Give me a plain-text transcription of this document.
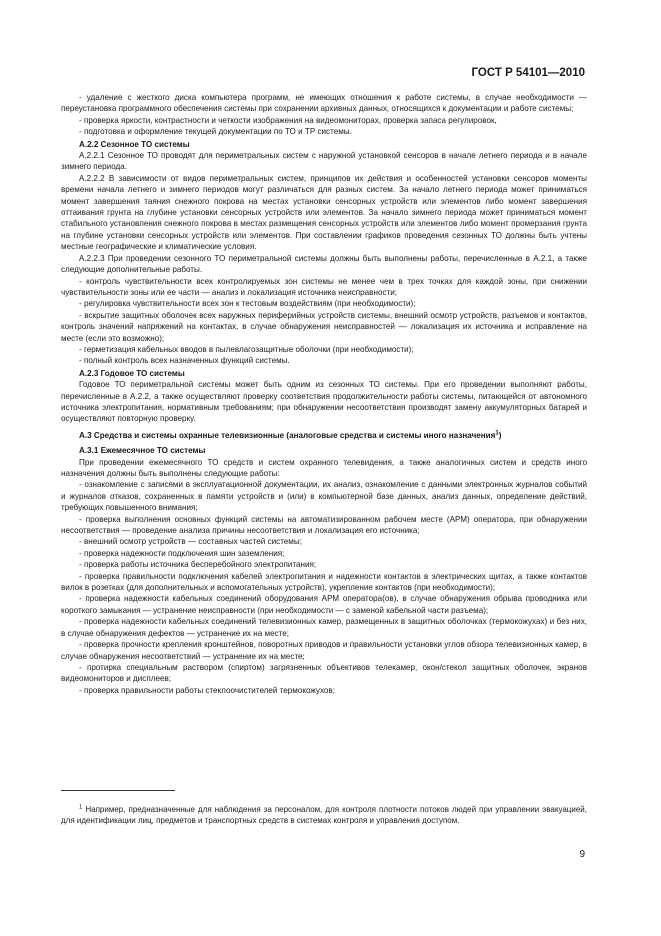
ГОСТ Р 54101—2010

- удаление с жесткого диска компьютера программ, не имеющих отношения к работе системы, в случае необходимости — переустановка программного обеспечения системы при сохранении архивных данных, относящихся к документации и работе системы;

- проверка яркости, контрастности и четкости изображения на видеомониторах, проверка запаса регулировок,

- подготовка и оформление текущей документации по ТО и ТР системы.

А.2.2 Сезонное ТО системы

А.2.2.1 Сезонное ТО проводят для периметральных систем с наружной установкой сенсоров в начале летнего периода и в начале зимнего периода.

А.2.2.2 В зависимости от видов периметральных систем, принципов их действия и особенностей установки сенсоров моменты времени начала летнего и зимнего периодов могут различаться для разных систем. За начало летнего периода может приниматься момент завершения таяния снежного покрова на местах установки сенсорных устройств или элементов либо момент завершения оттаивания грунта на глубине установки сенсорных устройств или элементов. За начало зимнего периода может приниматься момент стабильного установления снежного покрова в местах размещения сенсорных устройств или элементов либо момент промерзания грунта на глубине установки сенсорных устройств или элементов. При составлении графиков проведения сезонных ТО должны быть учтены местные географические и климатические условия.

А.2.2.3 При проведении сезонного ТО периметральной системы должны быть выполнены работы, перечисленные в А.2.1, а также следующие дополнительные работы.

- контроль чувствительности всех контролируемых зон системы не менее чем в трех точках для каждой зоны, при снижении чувствительности зоны или ее части — анализ и локализация источника неисправности;

- регулировка чувствительности всех зон к тестовым воздействиям (при необходимости);

- вскрытие защитных оболочек всех наружных периферийных устройств системы, внешний осмотр устройств, разъемов и контактов, контроль значений напряжений на контактах, в случае обнаружения неисправностей — локализация их источника и исправление на месте (если это возможно);

- герметизация кабельных вводов в пылевлагозащитные оболочки (при необходимости);

- полный контроль всех назначенных функций системы.

А.2.3 Годовое ТО системы

Годовое ТО периметральной системы может быть одним из сезонных ТО системы. При его проведении выполняют работы, перечисленные в А.2.2, а также осуществляют проверку соответствия продолжительности работы системы, питающейся от автономного источника электропитания, нормативным требованиям; при обнаружении несоответствия производят замену аккумуляторных батарей и осуществляют повторную проверку.

А.3 Средства и системы охранные телевизионные (аналоговые средства и системы иного назначения$^1$)

А.3.1 Ежемесячное ТО системы

При проведении ежемесячного ТО средств и систем охранного телевидения, а также аналогичных систем и средств иного назначения должны быть выполнены следующие работы:

- ознакомление с записями в эксплуатационной документации, их анализ, ознакомление с данными электронных журналов событий и журналов отказов, сохраненных в памяти устройств и (или) в компьютерной базе данных, анализ данных, определение действий, требующих повышенного внимания;

- проверка выполнения основных функций системы на автоматизированном рабочем месте (АРМ) оператора, при обнаружении несоответствия — проведение анализа причины несоответствия и локализация его источника;

- внешний осмотр устройств — составных частей системы;

- проверка надежности подключения шин заземления;

- проверка работы источника бесперебойного электропитания;

- проверка правильности подключения кабелей электропитания и надежности контактов в электрических щитах, а также контактов вилок в розетках (для дополнительных и вспомогательных устройств), укрепление контактов (при необходимости);

- проверка надежности кабельных соединений оборудования АРМ оператора(ов), в случае обнаружения обрыва проводника или короткого замыкания — устранение неисправности (при необходимости — с заменой кабельной части разъема);

- проверка надежности кабельных соединений телевизионных камер, размещенных в защитных оболочках (термокожухах) и без них, в случае обнаружения дефектов — устранение их на месте;

- проверка прочности крепления кронштейнов, поворотных приводов и правильности установки углов обзора телевизионных камер, в случае обнаружения несоответствий — устранение их на месте;

- протирка специальным раствором (спиртом) загрязненных объективов телекамер, окон/стекол защитных оболочек, экранов видеомониторов и дисплеев;

- проверка правильности работы стеклоочистителей термокожухов;

$^1$ Например, предназначенные для наблюдения за персоналом, для контроля плотности потоков людей при управлении эвакуацией, для идентификации лиц, предметов и транспортных средств в системах контроля и управления доступом.

9
